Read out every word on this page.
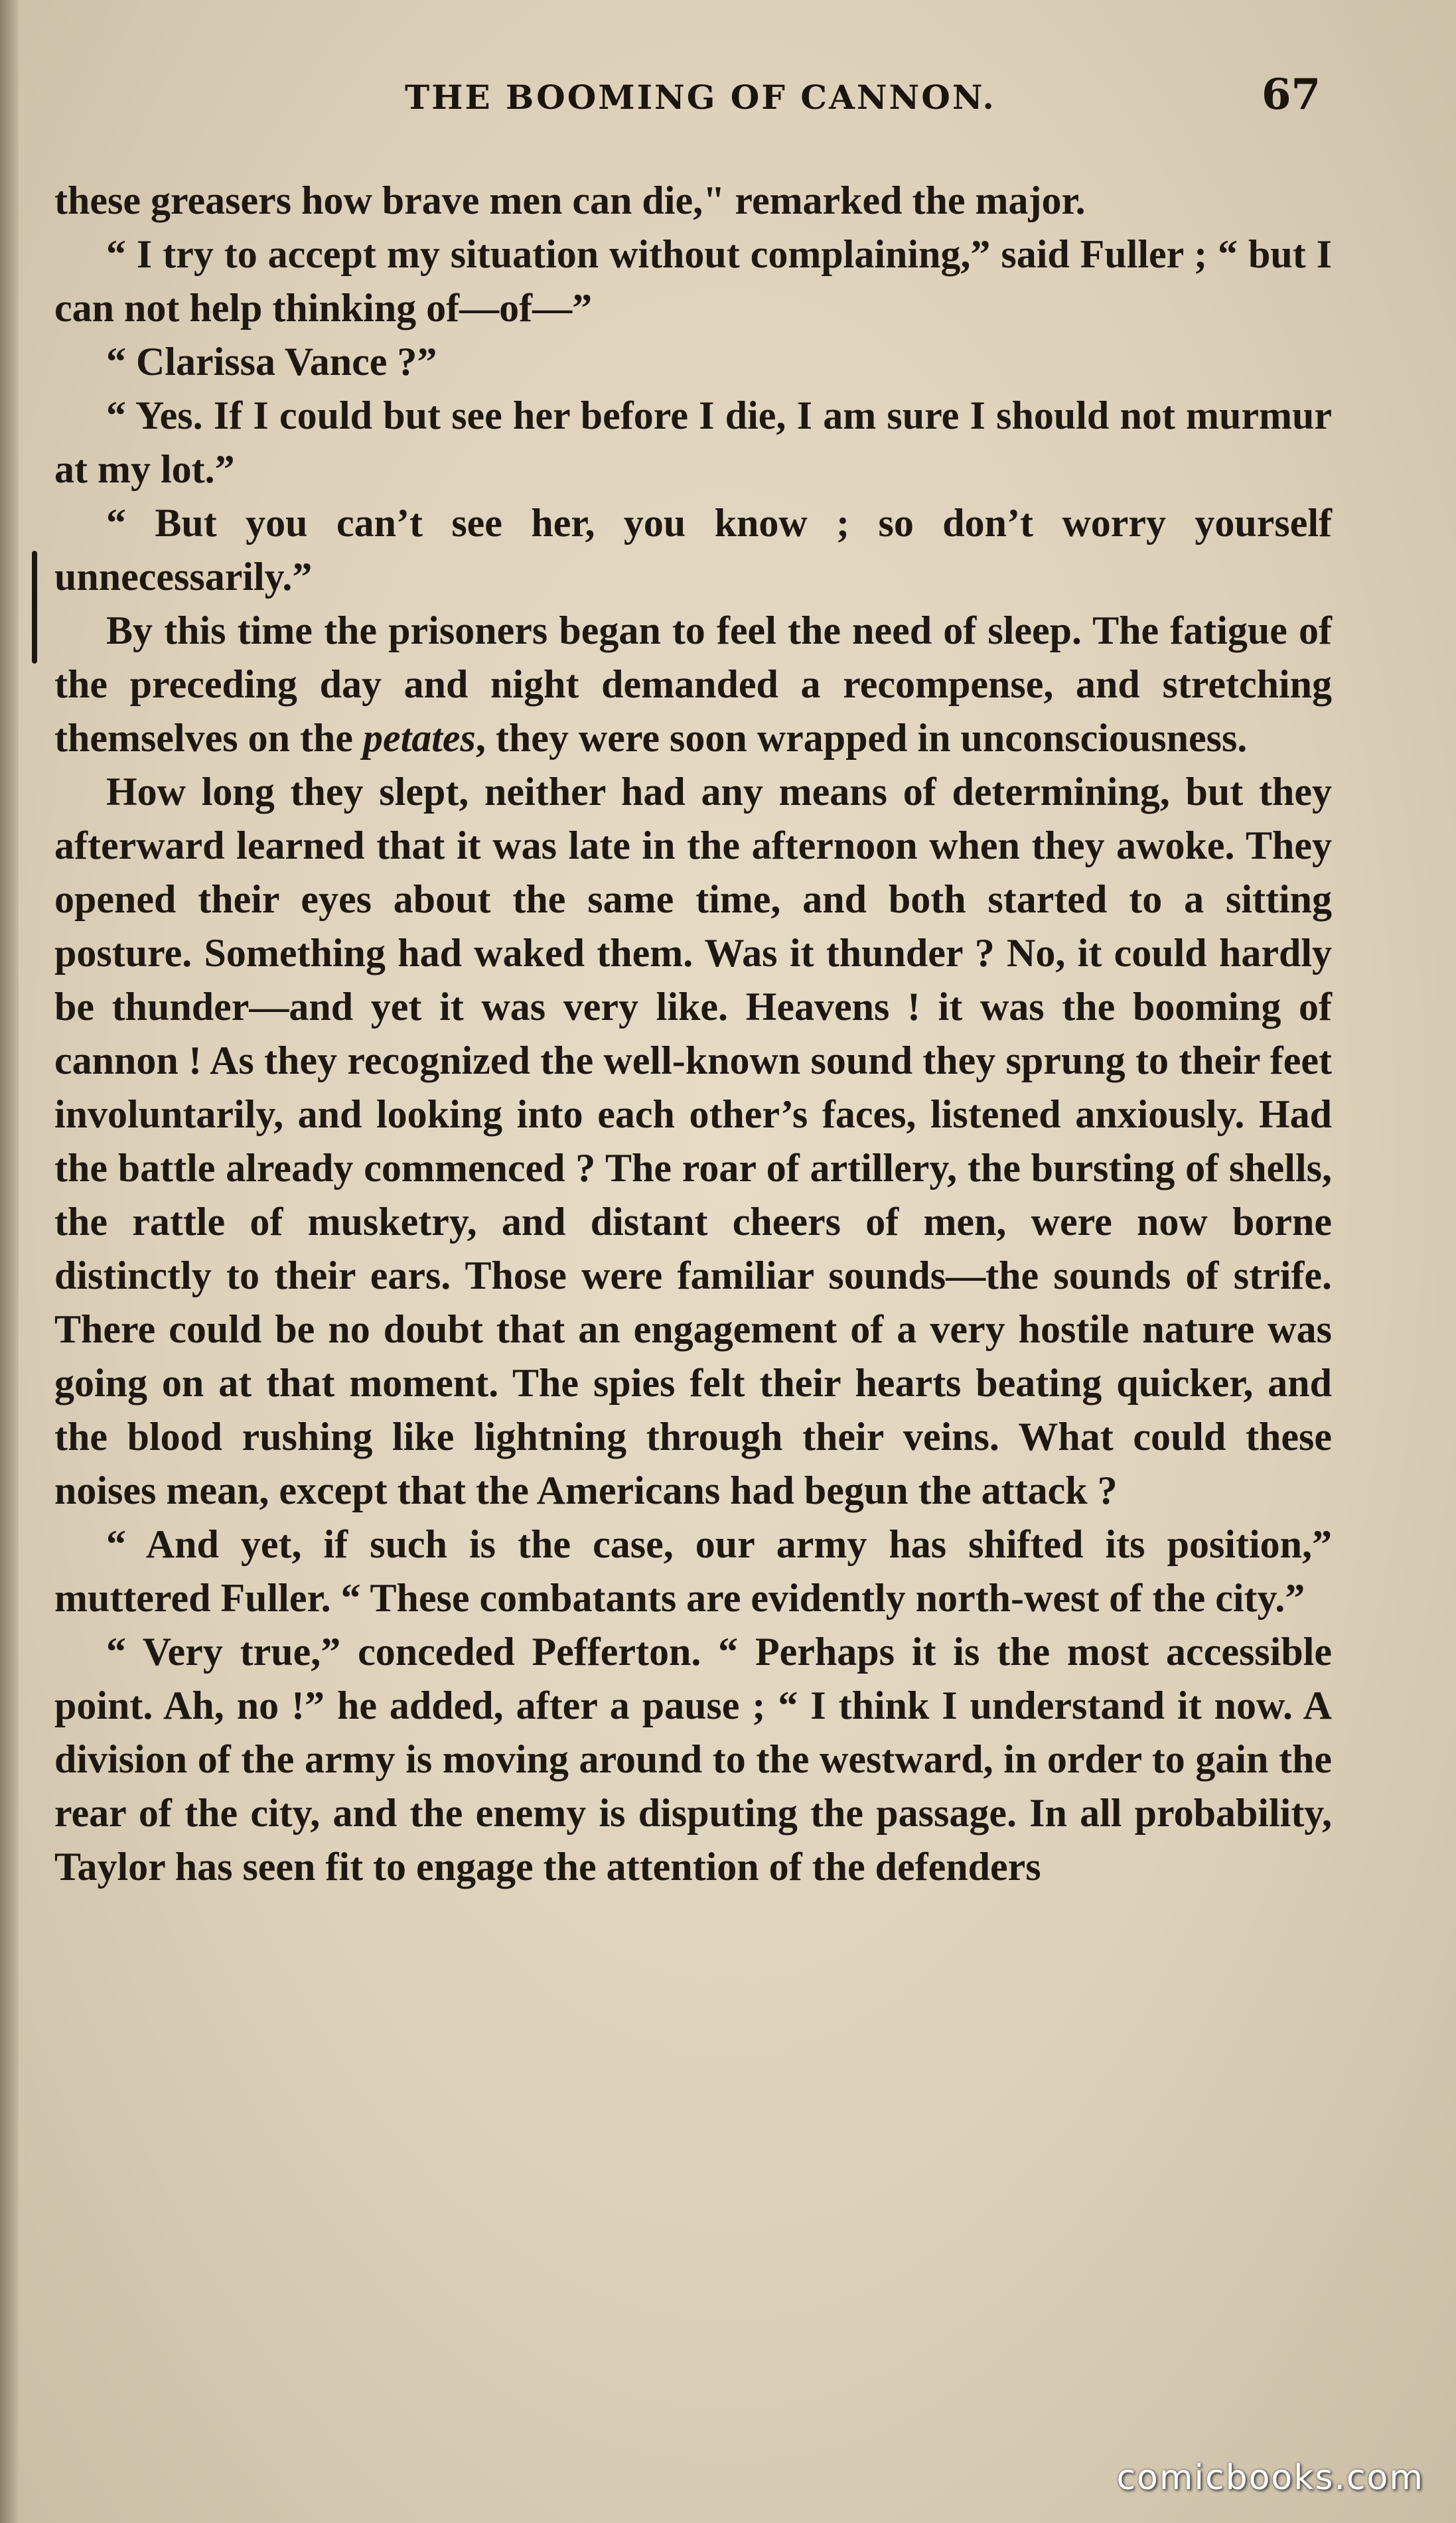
THE BOOMING OF CANNON.	67

these greasers how brave men can die," remarked the major.

“ I try to accept my situation without complaining,” said Fuller ; “ but I can not help thinking of—of—”

“ Clarissa Vance ?”

“ Yes. If I could but see her before I die, I am sure I should not murmur at my lot.”

“ But you can’t see her, you know ; so don’t worry yourself unnecessarily.”

By this time the prisoners began to feel the need of sleep. The fatigue of the preceding day and night demanded a recompense, and stretching themselves on the petates, they were soon wrapped in unconsciousness.

How long they slept, neither had any means of determining, but they afterward learned that it was late in the afternoon when they awoke. They opened their eyes about the same time, and both started to a sitting posture. Something had waked them. Was it thunder ? No, it could hardly be thunder—and yet it was very like. Heavens ! it was the booming of cannon ! As they recognized the well-known sound they sprung to their feet involuntarily, and looking into each other’s faces, listened anxiously. Had the battle already commenced ? The roar of artillery, the bursting of shells, the rattle of musketry, and distant cheers of men, were now borne distinctly to their ears. Those were familiar sounds—the sounds of strife. There could be no doubt that an engagement of a very hostile nature was going on at that moment. The spies felt their hearts beating quicker, and the blood rushing like lightning through their veins. What could these noises mean, except that the Americans had begun the attack ?

“ And yet, if such is the case, our army has shifted its position,” muttered Fuller. “ These combatants are evidently north-west of the city.”

“ Very true,” conceded Pefferton. “ Perhaps it is the most accessible point. Ah, no !” he added, after a pause ; “ I think I understand it now. A division of the army is moving around to the westward, in order to gain the rear of the city, and the enemy is disputing the passage. In all probability, Taylor has seen fit to engage the attention of the defenders

comicbooks.com
